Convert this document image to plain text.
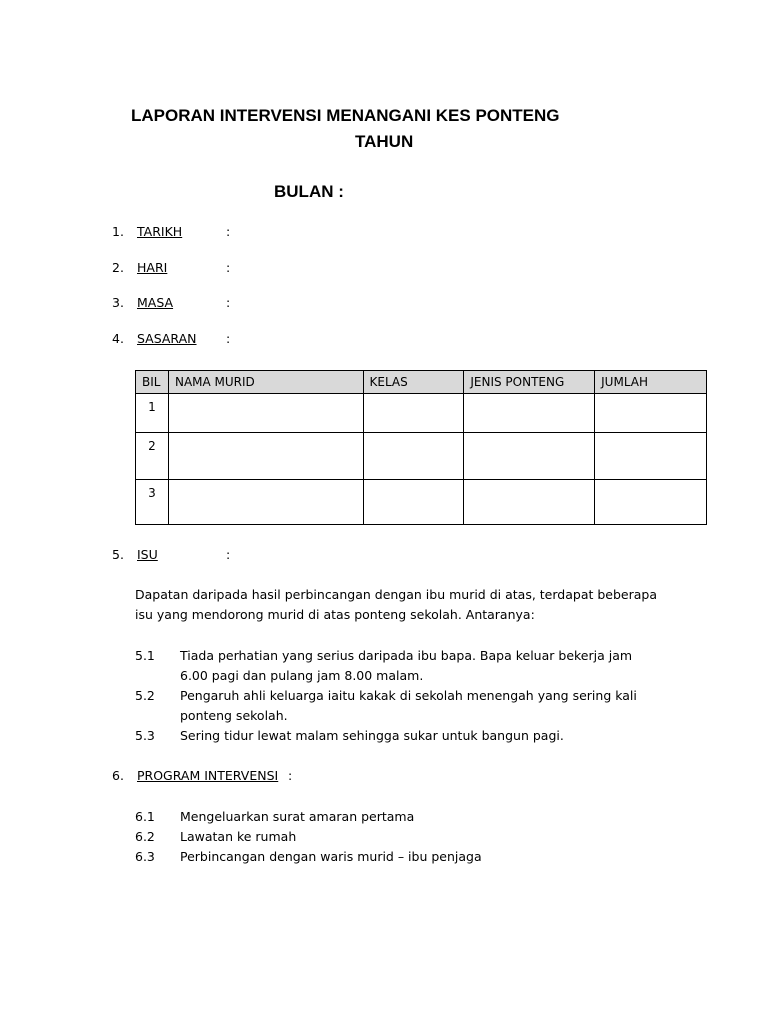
LAPORAN INTERVENSI MENANGANI KES PONTENG
TAHUN
BULAN :
1. TARIKH	:
2. HARI	:
3. MASA	:
4. SASARAN :
BIL	NAMA MURID	KELAS	JENIS PONTENG	JUMLAH
1				
2				
3				
5. ISU	:
Dapatan daripada hasil perbincangan dengan ibu murid di atas, terdapat beberapa isu yang mendorong murid di atas ponteng sekolah. Antaranya:
5.1 Tiada perhatian yang serius daripada ibu bapa. Bapa keluar bekerja jam 6.00 pagi dan pulang jam 8.00 malam.
5.2 Pengaruh ahli keluarga iaitu kakak di sekolah menengah yang sering kali ponteng sekolah.
5.3 Sering tidur lewat malam sehingga sukar untuk bangun pagi.
6. PROGRAM INTERVENSI :
6.1 Mengeluarkan surat amaran pertama
6.2 Lawatan ke rumah
6.3 Perbincangan dengan waris murid – ibu penjaga
